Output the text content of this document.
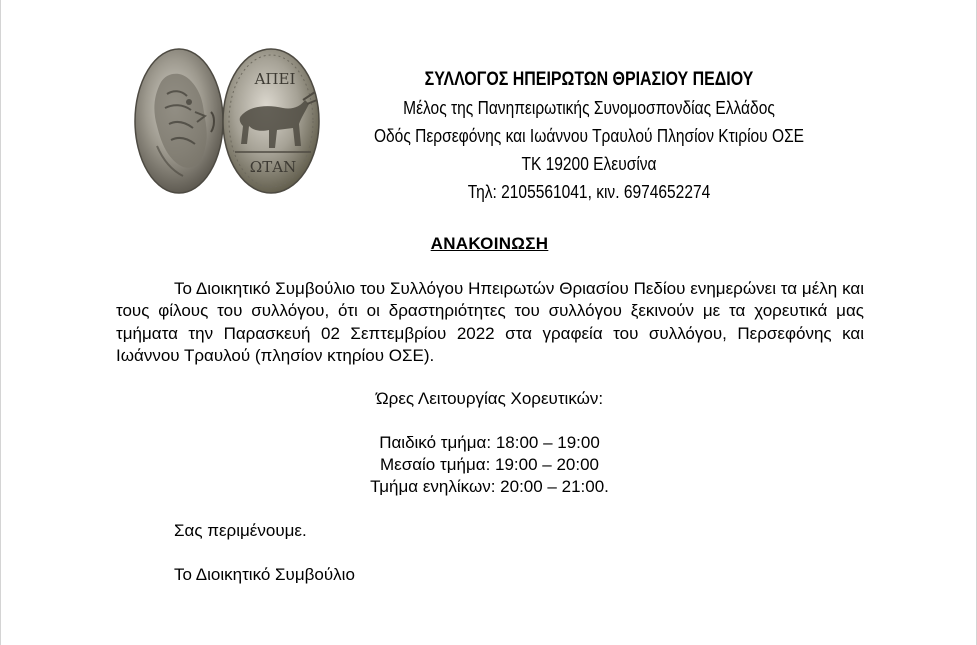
ΑΠΕΙ
ΩΤΑΝ
ΣΥΛΛΟΓΟΣ ΗΠΕΙΡΩΤΩΝ ΘΡΙΑΣΙΟΥ ΠΕΔΙΟΥ
Μέλος της Πανηπειρωτικής Συνομοσπονδίας Ελλάδος
Οδός Περσεφόνης και Ιωάννου Τραυλού Πλησίον Κτιρίου ΟΣΕ ΤΚ 19200 Ελευσίνα
Τηλ: 2105561041, κιν. 6974652274
ΑΝΑΚΟΙΝΩΣΗ
Το Διοικητικό Συμβούλιο του Συλλόγου Ηπειρωτών Θριασίου Πεδίου ενημερώνει τα μέλη και τους φίλους του συλλόγου, ότι οι δραστηριότητες του συλλόγου ξεκινούν με τα χορευτικά μας τμήματα την Παρασκευή 02 Σεπτεμβρίου 2022 στα γραφεία του συλλόγου, Περσεφόνης και Ιωάννου Τραυλού (πλησίον κτηρίου ΟΣΕ).
Ώρες Λειτουργίας Χορευτικών:
Παιδικό τμήμα: 18:00 – 19:00
Μεσαίο τμήμα: 19:00 – 20:00
Τμήμα ενηλίκων: 20:00 – 21:00.
Σας περιμένουμε.
Το Διοικητικό Συμβούλιο
